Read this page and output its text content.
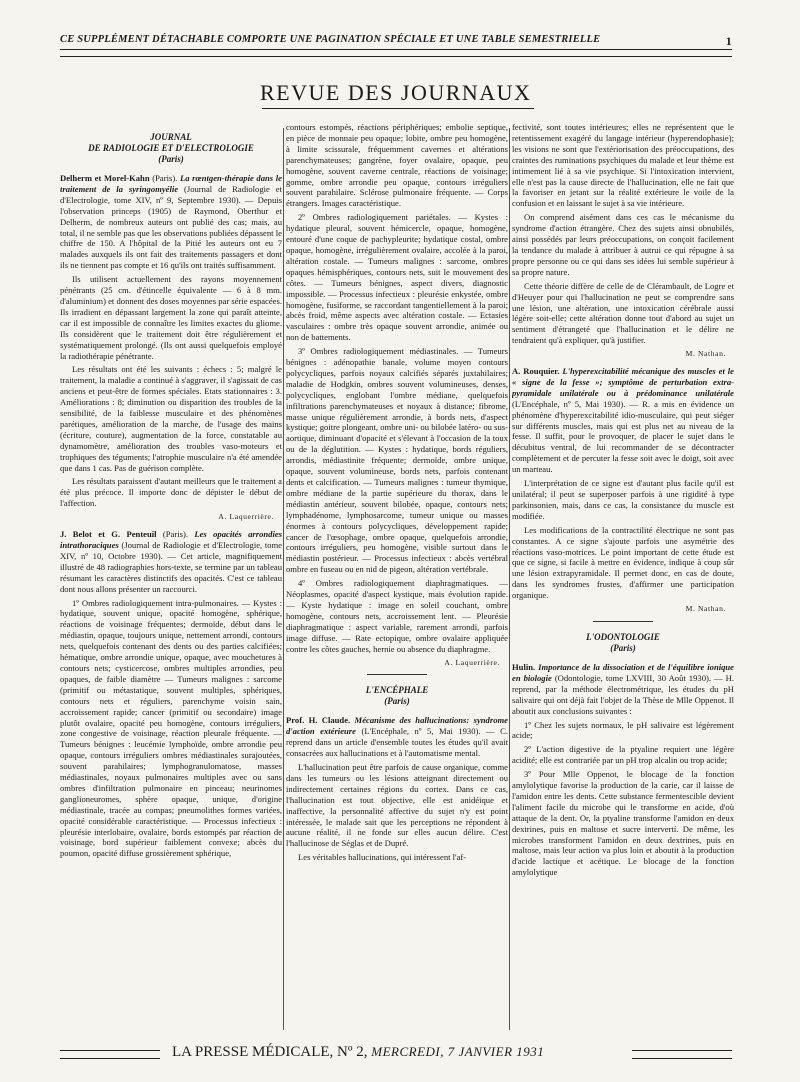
CE SUPPLÉMENT DÉTACHABLE COMPORTE UNE PAGINATION SPÉCIALE ET UNE TABLE SEMESTRIELLE	1
REVUE DES JOURNAUX
JOURNAL
DE RADIOLOGIE ET D'ELECTROLOGIE
(Paris)

Delherm et Morel-Kahn (Paris). La rœntgen-thérapie dans le traitement de la syringomyélie (Journal de Radiologie et d'Electrologie, tome XIV, nº 9, Septembre 1930). — Depuis l'observation princeps (1905) de Raymond, Oberthur et Delherm, de nombreux auteurs ont publié des cas; mais, au total, il ne semble pas que les observations publiées dépassent le chiffre de 150. A l'hôpital de la Pitié les auteurs ont eu 7 malades auxquels ils ont fait des traitements passagers et dont ils ne tiennent pas compte et 16 qu'ils ont traités suffisamment.

Ils utilisent actuellement des rayons moyennement pénétrants (25 cm. d'étincelle équivalente — 6 à 8 mm. d'aluminium) et donnent des doses moyennes par série espacées. Ils irradient en dépassant largement la zone qui paraît atteinte, car il est impossible de connaître les limites exactes du gliome. Ils considèrent que le traitement doit être régulièrement et systématiquement prolongé. (Ils ont aussi quelquefois employé la radiothérapie pénétrante.

Les résultats ont été les suivants : échecs : 5; malgré le traitement, la maladie a continué à s'aggraver, il s'agissait de cas anciens et peut-être de formes spéciales. Etats stationnaires : 3. Améliorations : 8; diminution ou disparition des troubles de la sensibilité, de la faiblesse musculaire et des phénomènes parétiques, amélioration de la marche, de l'usage des mains (écriture, couture), augmentation de la force, constatable au dynamomètre, amélioration des troubles vaso-moteurs et trophiques des téguments; l'atrophie musculaire n'a été amendée que dans 1 cas. Pas de guérison complète.

Les résultats paraissent d'autant meilleurs que le traitement a été plus précoce. Il importe donc de dépister le début de l'affection.

A. Laquerrière.

J. Belot et G. Penteuil (Paris). Les opacités arrondies intrathoraciques (Journal de Radiologie et d'Electrologie, tome XIV, nº 10, Octobre 1930). — Cet article, magnifiquement illustré de 48 radiographies hors-texte, se termine par un tableau résumant les caractères distinctifs des opacités. C'est ce tableau dont nous allons présenter un raccourci.

1º Ombres radiologiquement intra-pulmonaires. — Kystes : hydatique, souvent unique, opacité homogène, sphérique, réactions de voisinage fréquentes; dermoïde, début dans le médiastin, opaque, toujours unique, nettement arrondi, contours nets, quelquefois contenant des dents ou des parties calcifiées; hématique, ombre arrondie unique, opaque, avec mouchetures à contours nets; cysticercose, ombres multiples arrondies, peu opaques, de faible diamètre — Tumeurs malignes : sarcome (primitif ou métastatique, souvent multiples, sphériques, contours nets et réguliers, parenchyme voisin sain, accroissement rapide; cancer (primitif ou secondaire) image plutôt ovalaire, opacité peu homogène, contours irréguliers, zone congestive de voisinage, réaction pleurale fréquente. — Tumeurs bénignes : leucémie lymphoïde, ombre arrondie peu opaque, contours irréguliers ombres médiastinales surajoutées, souvent parahilaires; lymphogranulomatose, masses médiastinales, noyaux pulmonaires multiples avec ou sans ombres d'infiltration pulmonaire en pinceau; neurinomes ganglioneuromes, sphère opaque, unique, d'origine médiastinale, tracée au compas; pneumolithes formes variées, opacité considérable caractéristique. — Processus infectieux : pleurésie interlobaire, ovalaire, bords estompés par réaction de voisinage, bord supérieur faiblement convexe; abcès du poumon, opacité diffuse grossièrement sphérique,

contours estompés, réactions périphériques; embolie septique, en pièce de monnaie peu opaque; lobite, ombre peu homogène, à limite scissurale, fréquemment cavernes et altérations parenchymateuses; gangrène, foyer ovalaire, opaque, peu homogène, souvent caverne centrale, réactions de voisinage; gomme, ombre arrondie peu opaque, contours irréguliers souvent parahilaire. Sclérose pulmonaire fréquente. — Corps étrangers. Images caractéristique.

2º Ombres radiologiquement pariétales. — Kystes : hydatique pleural, souvent hémicercle, opaque, homogène, entouré d'une coque de pachypleurite; hydatique costal, ombre opaque, homogène, irrégulièrement ovalaire, accolée à la paroi, altération costale. — Tumeurs malignes : sarcome, ombres opaques hémisphériques, contours nets, suit le mouvement des côtes. — Tumeurs bénignes, aspect divers, diagnostic impossible. — Processus infectieux : pleurésie enkystée, ombre homogène, fusiforme, se raccordant tangentiellement à la paroi; abcès froid, même aspects avec altération costale. — Ectasies vasculaires : ombre très opaque souvent arrondie, animée ou non de battements.

3º Ombres radiologiquement médiastinales. — Tumeurs bénignes : adénopathie banale, volume moyen contours polycycliques, parfois noyaux calcifiés séparés juxtahilaires; maladie de Hodgkin, ombres souvent volumineuses, denses, polycycliques, englobant l'ombre médiane, quelquefois infiltrations parenchymateuses et noyaux à distance; fibrome, masse unique régulièrement arrondie, à bords nets, d'aspect kystique; goitre plongeant, ombre uni- ou bilobée latéro- ou sus-aortique, diminuant d'opacité et s'élevant à l'occasion de la toux ou de la déglutition. — Kystes : hydatique, bords réguliers, arrondis, médiastinite fréquente; dermoïde, ombre unique, opaque, souvent volumineuse, bords nets, parfois contenant dents et calcification. — Tumeurs malignes : tumeur thymique, ombre médiane de la partie supérieure du thorax, dans le médiastin antérieur, souvent bilobée, opaque, contours nets; lymphadénome, lymphosarcome, tumeur unique ou masses énormes à contours polycycliques, développement rapide; cancer de l'œsophage, ombre opaque, quelquefois arrondie, contours irréguliers, peu homogène, visible surtout dans le médiastin postérieur. — Processus infectieux : abcès vertébral ombre en fuseau ou en nid de pigeon, altération vertébrale.

4º Ombres radiologiquement diaphragmatiques. — Néoplasmes, opacité d'aspect kystique, mais évolution rapide. — Kyste hydatique : image en soleil couchant, ombre homogène, contours nets, accroissement lent. — Pleurésie diaphragmatique : aspect variable, rarement arrondi, parfois image diffuse. — Rate ectopique, ombre ovalaire appliquée contre les côtes gauches, hernie ou absence du diaphragme.

A. Laquerrière.
L'ENCÉPHALE
(Paris)

Prof. H. Claude. Mécanisme des hallucinations: syndrome d'action extérieure (L'Encéphale, nº 5, Mai 1930). — C. reprend dans un article d'ensemble toutes les études qu'il avait consacrées aux hallucinations et à l'automatisme mental.

L'hallucination peut être parfois de cause organique, comme dans les tumeurs ou les lésions atteignant directement ou indirectement certaines régions du cortex. Dans ce cas, l'hallucination est tout objective, elle est anidéique et inaffective, la personnalité affective du sujet n'y est point intéressée, le malade sait que les perceptions ne répondent à aucune réalité, il ne fonde sur elles aucun délire. C'est l'hallucinose de Séglas et de Dupré.

Les véritables hallucinations, qui intéressent l'af-

fectivité, sont toutes intérieures; elles ne représentent que le retentissement exagéré du langage intérieur (hyperendophasie); les visions ne sont que l'extériorisation des préoccupations, des craintes des ruminations psychiques du malade et leur thème est intimement lié à sa vie psychique. Si l'intoxication intervient, elle n'est pas la cause directe de l'hallucination, elle ne fait que la favoriser en jetant sur la réalité extérieure le voile de la confusion et en laissant le sujet à sa vie intérieure.

On comprend aisément dans ces cas le mécanisme du syndrome d'action étrangère. Chez des sujets ainsi obnubilés, ainsi possédés par leurs préoccupations, on conçoit facilement la tendance du malade à attribuer à autrui ce qui répugne à sa propre personne ou ce qui dans ses idées lui semble supérieur à sa propre nature.

Cette théorie diffère de celle de de Clérambault, de Logre et d'Heuyer pour qui l'hallucination ne peut se comprendre sans une lésion, une altération, une intoxication cérébrale aussi légère soit-elle; cette altération donne tout d'abord au sujet un sentiment d'étrangeté que l'hallucination et le délire ne tendraient qu'à expliquer, qu'à justifier.

M. Nathan.

A. Rouquier. L'hyperexcitabilité mécanique des muscles et le « signe de la fesse »; symptôme de perturbation extra-pyramidale unilatérale ou à prédominance unilatérale (L'Encéphale, nº 5, Mai 1930). — R. a mis en évidence un phénomène d'hyperexcitabilité idio-musculaire, qui peut siéger sur différents muscles, mais qui est plus net au niveau de la fesse. Il suffit, pour le provoquer, de placer le sujet dans le décubitus ventral, de lui recommander de se décontracter complètement et de percuter la fesse soit avec le doigt, soit avec un marteau.

L'interprétation de ce signe est d'autant plus facile qu'il est unilatéral; il peut se superposer parfois à une rigidité à type parkinsonien, mais, dans ce cas, la consistance du muscle est modifiée.

Les modifications de la contractilité électrique ne sont pas constantes. A ce signe s'ajoute parfois une asymétrie des réactions vaso-motrices. Le point important de cette étude est que ce signe, si facile à mettre en évidence, indique à coup sûr une lésion extrapyramidale. Il permet donc, en cas de doute, dans les syndromes frustes, d'affirmer une participation organique.

M. Nathan.
L'ODONTOLOGIE
(Paris)

Hulin. Importance de la dissociation et de l'équilibre ionique en biologie (Odontologie, tome LXVIII, 30 Août 1930). — H. reprend, par la méthode électrométrique, les études du pH salivaire qui ont déjà fait l'objet de la Thèse de Mlle Oppenot. Il aboutit aux conclusions suivantes :

1º Chez les sujets normaux, le pH salivaire est légèrement acide;

2º L'action digestive de la ptyaline requiert une légère acidité; elle est contrariée par un pH trop alcalin ou trop acide;

3º Pour Mlle Oppenot, le blocage de la fonction amylolytique favorise la production de la carie, car il laisse de l'amidon entre les dents. Cette substance fermentescible devient l'aliment facile du microbe qui le transforme en acide, d'où attaque de la dent. Or, la ptyaline transforme l'amidon en deux dextrines, puis en maltose et sucre intervertí. De même, les microbes transforment l'amidon en deux dextrines, puis en maltose, mais leur action va plus loin et aboutit à la production d'acide lactique et acétique. Le blocage de la fonction amylolytique

LA PRESSE MÉDICALE, Nº 2, MERCREDI, 7 JANVIER 1931
